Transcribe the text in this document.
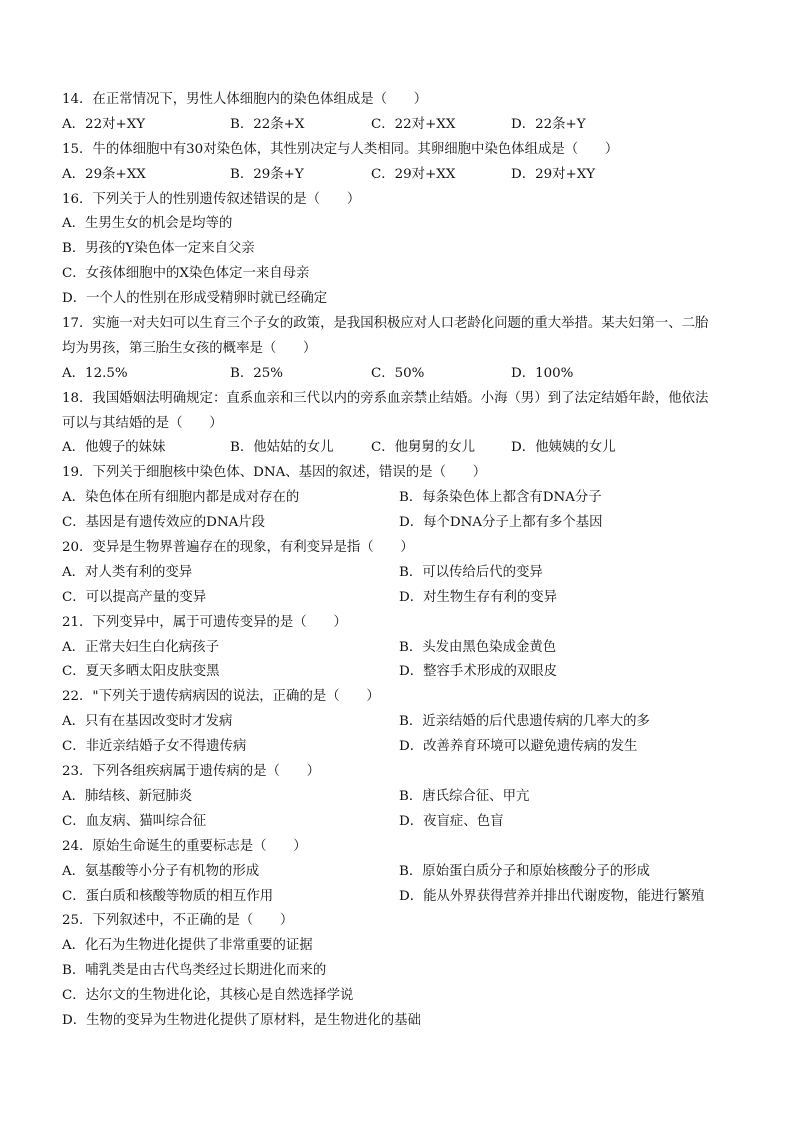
14．在正常情况下，男性人体细胞内的染色体组成是（　　）
A．22对+XY	B．22条+X	C．22对+XX	D．22条+Y
15．牛的体细胞中有30对染色体，其性别决定与人类相同。其卵细胞中染色体组成是（　　）
A．29条+XX	B．29条+Y	C．29对+XX	D．29对+XY
16．下列关于人的性别遗传叙述错误的是（　　）
A．生男生女的机会是均等的
B．男孩的Y染色体一定来自父亲
C．女孩体细胞中的X染色体定一来自母亲
D．一个人的性别在形成受精卵时就已经确定
17．实施一对夫妇可以生育三个子女的政策，是我国积极应对人口老龄化问题的重大举措。某夫妇第一、二胎
均为男孩，第三胎生女孩的概率是（　　）
A．12.5%	B．25%	C．50%	D．100%
18．我国婚姻法明确规定：直系血亲和三代以内的旁系血亲禁止结婚。小海（男）到了法定结婚年龄，他依法
可以与其结婚的是（　　）
A．他嫂子的妹妹	B．他姑姑的女儿	C．他舅舅的女儿	D．他姨姨的女儿
19．下列关于细胞核中染色体、DNA、基因的叙述，错误的是（　　）
A．染色体在所有细胞内都是成对存在的	B．每条染色体上都含有DNA分子
C．基因是有遗传效应的DNA片段	D．每个DNA分子上都有多个基因
20．变异是生物界普遍存在的现象，有利变异是指（　　）
A．对人类有利的变异	B．可以传给后代的变异
C．可以提高产量的变异	D．对生物生存有利的变异
21．下列变异中，属于可遗传变异的是（　　）
A．正常夫妇生白化病孩子	B．头发由黑色染成金黄色
C．夏天多晒太阳皮肤变黑	D．整容手术形成的双眼皮
22．"下列关于遗传病病因的说法，正确的是（　　）
A．只有在基因改变时才发病	B．近亲结婚的后代患遗传病的几率大的多
C．非近亲结婚子女不得遗传病	D．改善养育环境可以避免遗传病的发生
23．下列各组疾病属于遗传病的是（　　）
A．肺结核、新冠肺炎	B．唐氏综合征、甲亢
C．血友病、猫叫综合征	D．夜盲症、色盲
24．原始生命诞生的重要标志是（　　）
A．氨基酸等小分子有机物的形成	B．原始蛋白质分子和原始核酸分子的形成
C．蛋白质和核酸等物质的相互作用	D．能从外界获得营养并排出代谢废物，能进行繁殖
25．下列叙述中，不正确的是（　　）
A．化石为生物进化提供了非常重要的证据
B．哺乳类是由古代鸟类经过长期进化而来的
C．达尔文的生物进化论，其核心是自然选择学说
D．生物的变异为生物进化提供了原材料，是生物进化的基础
